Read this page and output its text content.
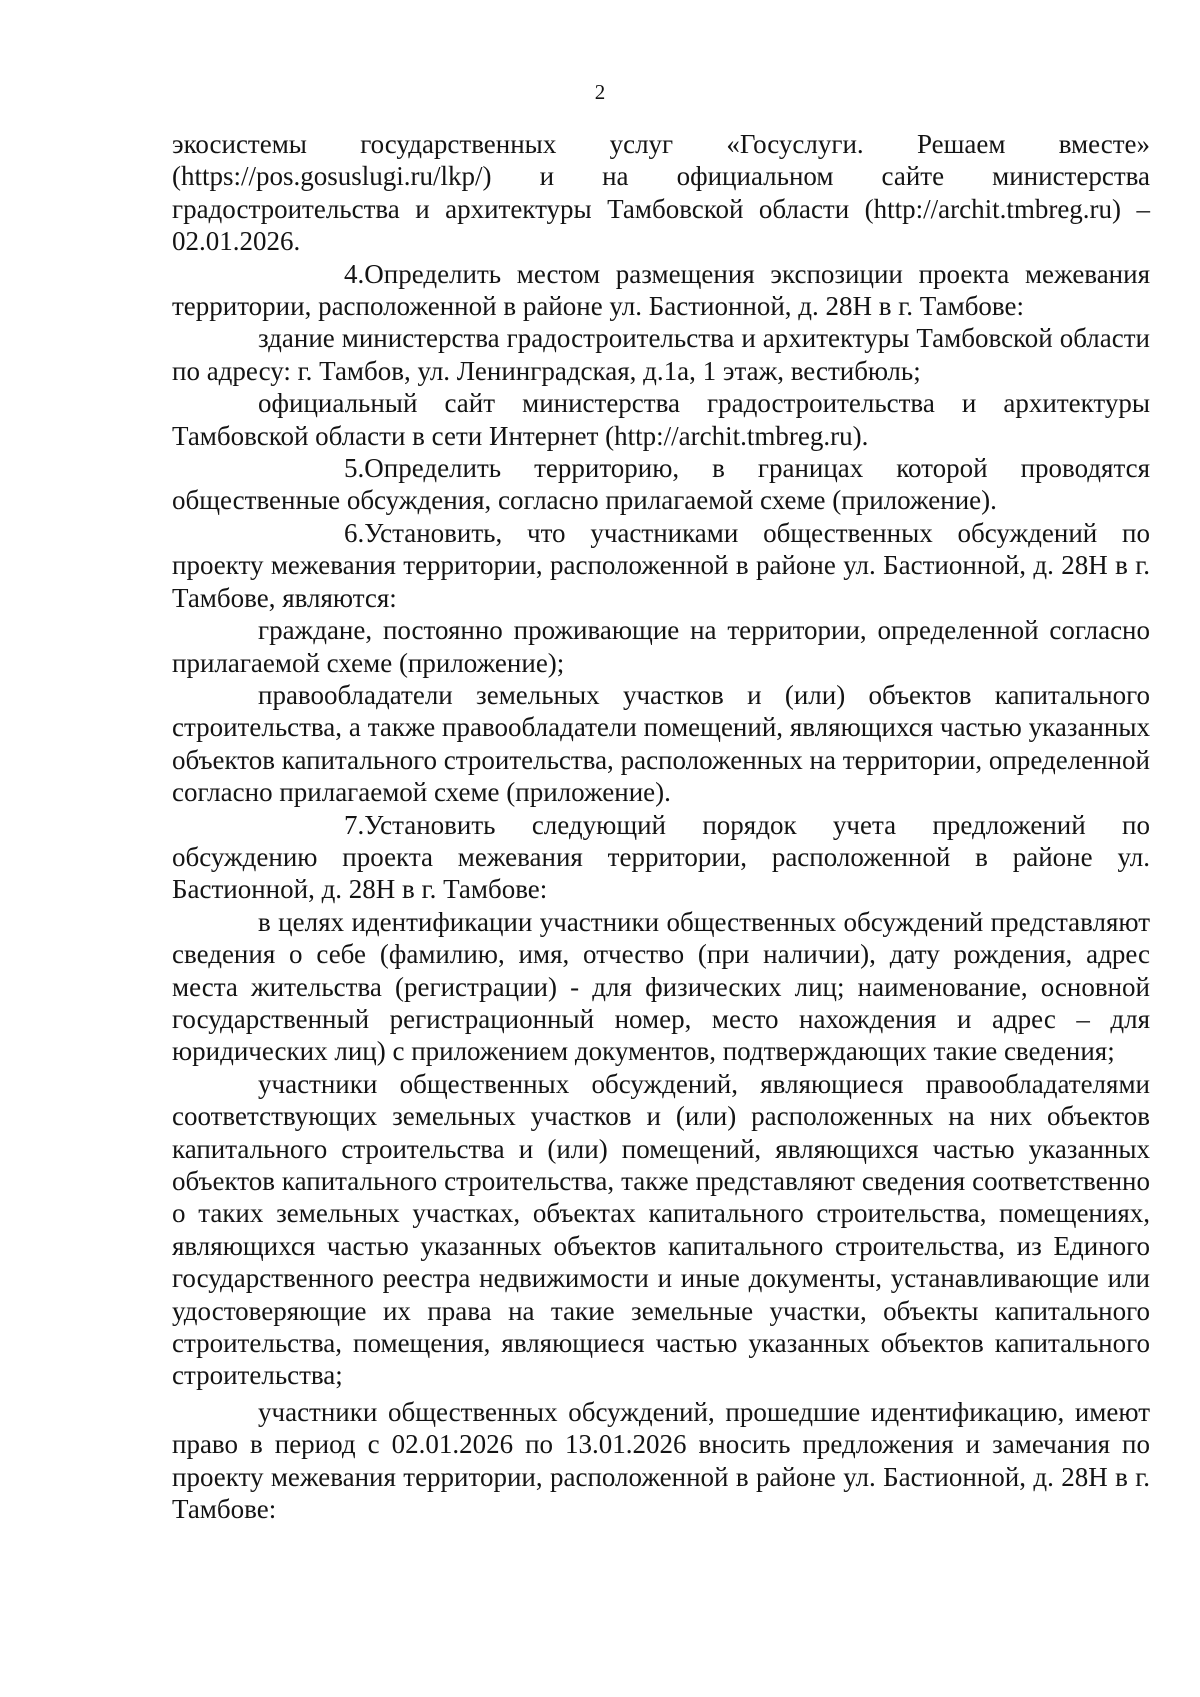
2

экосистемы государственных услуг «Госуслуги. Решаем вместе» (https://pos.gosuslugi.ru/lkp/) и на официальном сайте министерства градостроительства и архитектуры Тамбовской области (http://archit.tmbreg.ru) – 02.01.2026.

4.Определить местом размещения экспозиции проекта межевания территории, расположенной в районе ул. Бастионной, д. 28Н в г. Тамбове:

здание министерства градостроительства и архитектуры Тамбовской области по адресу: г. Тамбов, ул. Ленинградская, д.1а, 1 этаж, вестибюль;

официальный сайт министерства градостроительства и архитектуры Тамбовской области в сети Интернет (http://archit.tmbreg.ru).

5.Определить территорию, в границах которой проводятся общественные обсуждения, согласно прилагаемой схеме (приложение).

6.Установить, что участниками общественных обсуждений по проекту межевания территории, расположенной в районе ул. Бастионной, д. 28Н в г. Тамбове, являются:

граждане, постоянно проживающие на территории, определенной согласно прилагаемой схеме (приложение);

правообладатели земельных участков и (или) объектов капитального строительства, а также правообладатели помещений, являющихся частью указанных объектов капитального строительства, расположенных на территории, определенной согласно прилагаемой схеме (приложение).

7.Установить следующий порядок учета предложений по обсуждению проекта межевания территории, расположенной в районе ул. Бастионной, д. 28Н в г. Тамбове:

в целях идентификации участники общественных обсуждений представляют сведения о себе (фамилию, имя, отчество (при наличии), дату рождения, адрес места жительства (регистрации) - для физических лиц; наименование, основной государственный регистрационный номер, место нахождения и адрес – для юридических лиц) с приложением документов, подтверждающих такие сведения;

участники общественных обсуждений, являющиеся правообладателями соответствующих земельных участков и (или) расположенных на них объектов капитального строительства и (или) помещений, являющихся частью указанных объектов капитального строительства, также представляют сведения соответственно о таких земельных участках, объектах капитального строительства, помещениях, являющихся частью указанных объектов капитального строительства, из Единого государственного реестра недвижимости и иные документы, устанавливающие или удостоверяющие их права на такие земельные участки, объекты капитального строительства, помещения, являющиеся частью указанных объектов капитального строительства;

участники общественных обсуждений, прошедшие идентификацию, имеют право в период с 02.01.2026 по 13.01.2026 вносить предложения и замечания по проекту межевания территории, расположенной в районе ул. Бастионной, д. 28Н в г. Тамбове:
